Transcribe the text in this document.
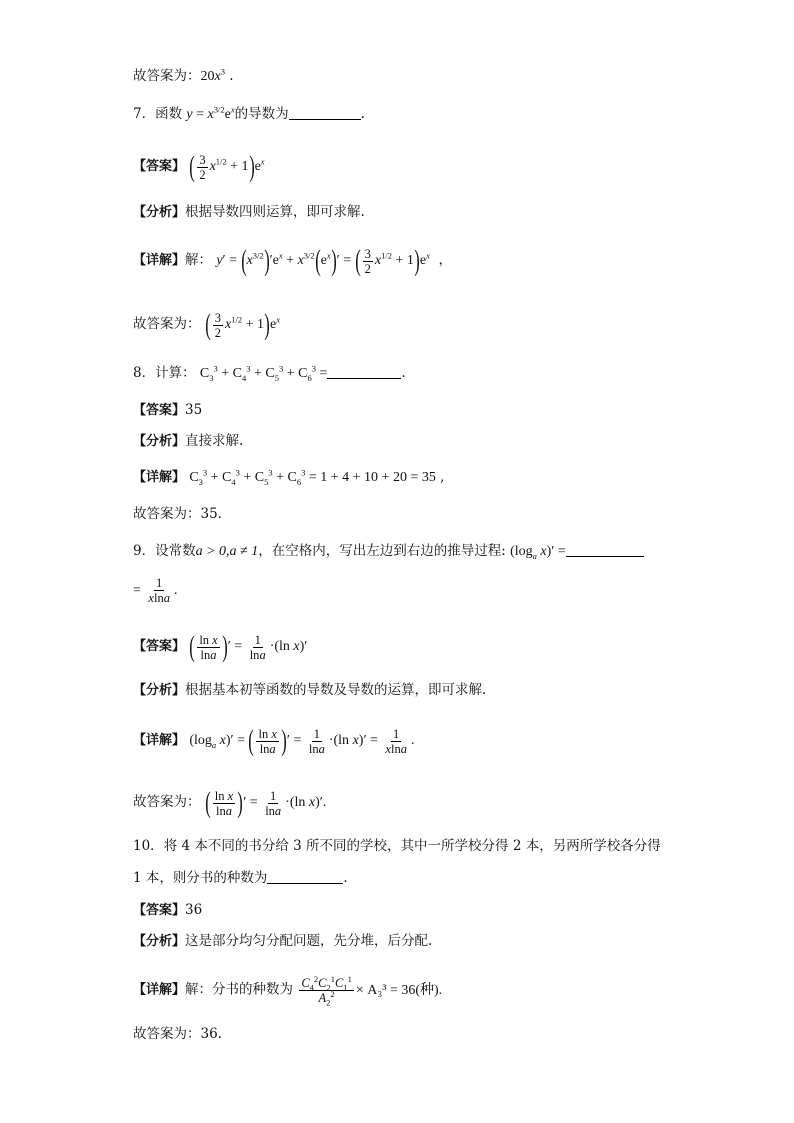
故答案为：$20x^3$ .
7．函数 $y = x^{3/2}e^x$的导数为	.
【答案】 ( $\frac{3}{2} x^{1/2} + 1)e^x$
【分析】根据导数四则运算，即可求解.
【详解】解： $y' = (x^{3/2})'e^x + x^{3/2}(e^x)'$ = ( $\frac{3}{2} x^{1/2} + 1)e^x$  ，
故答案为： ( $\frac{3}{2} x^{1/2} + 1)e^x$
8．计算： $C_3^3 + C_4^3 + C_5^3 + C_6^3$ =	.
【答案】35
【分析】直接求解.
【详解】 $C_3^3 + C_4^3 + C_5^3 + C_6^3 = 1 + 4 + 10 + 20 = 35$ ,
故答案为：35.
9．设常数a > 0,a ≠ 1，在空格内，写出左边到右边的推导过程: ($\log_a$ x)′ =
= $\frac{1}{xlna}$ .
【答案】 ( $\frac{\text{ln x}}{\ln a}$ )′ = $\frac{1}{\ln a} \cdot(\ln$ x)′
【分析】根据基本初等函数的导数及导数的运算，即可求解.
【详解】 ($\log_a$ x)′ = ( $\frac{\text{ln x}}{\ln a}$ )′ = $\frac{1}{\ln a} \cdot(\ln$ $x)' = \frac{1}{xlna}$ .
故答案为： ( $\frac{\text{ln x}}{\ln a}$ )′ = $\frac{1}{\ln a} \cdot(\ln$ x)′.
10．将 4 本不同的书分给 3 所不同的学校，其中一所学校分得 2 本，另两所学校各分得
1 本，则分书的种数为	.
【答案】36
【分析】这是部分均匀分配问题，先分堆，后分配.
【详解】解：分书的种数为 $\frac{C_4^2C_2^1C_1^1}{A_2^2} \times A_3^3 = 36$(种).
故答案为：36.
